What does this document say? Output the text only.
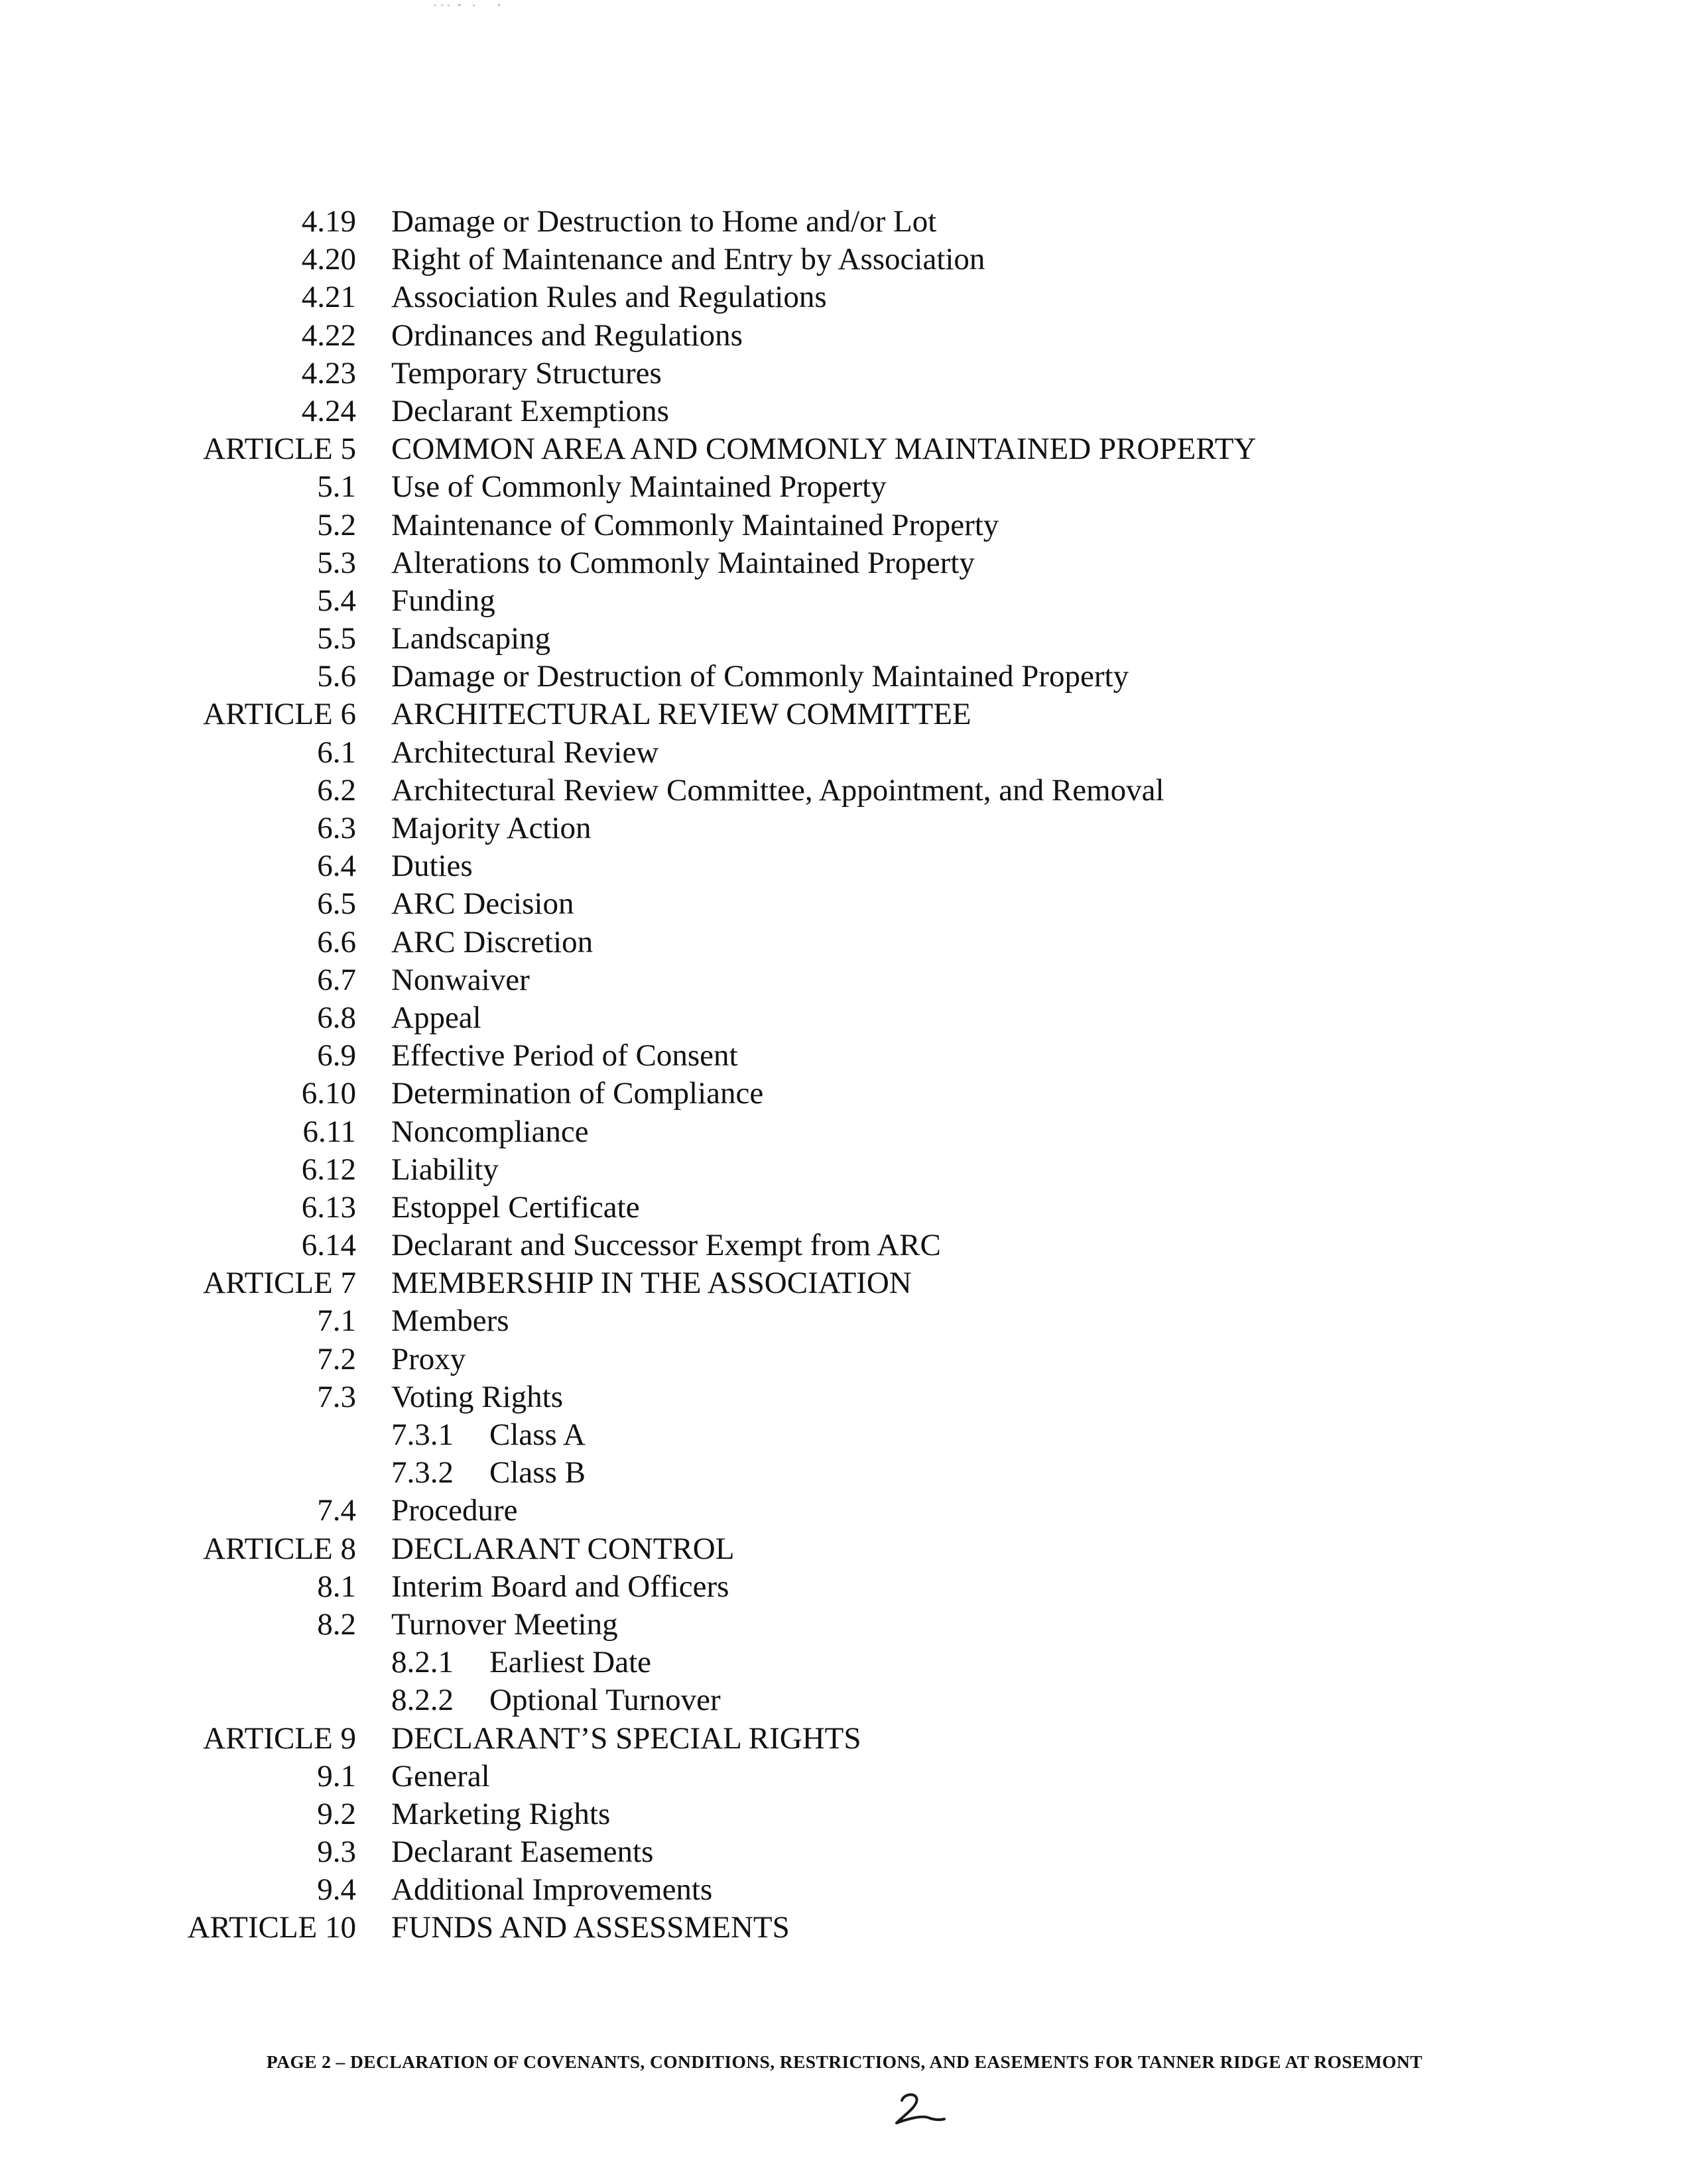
4.19 Damage or Destruction to Home and/or Lot
4.20 Right of Maintenance and Entry by Association
4.21 Association Rules and Regulations
4.22 Ordinances and Regulations
4.23 Temporary Structures
4.24 Declarant Exemptions
ARTICLE 5 COMMON AREA AND COMMONLY MAINTAINED PROPERTY
5.1 Use of Commonly Maintained Property
5.2 Maintenance of Commonly Maintained Property
5.3 Alterations to Commonly Maintained Property
5.4 Funding
5.5 Landscaping
5.6 Damage or Destruction of Commonly Maintained Property
ARTICLE 6 ARCHITECTURAL REVIEW COMMITTEE
6.1 Architectural Review
6.2 Architectural Review Committee, Appointment, and Removal
6.3 Majority Action
6.4 Duties
6.5 ARC Decision
6.6 ARC Discretion
6.7 Nonwaiver
6.8 Appeal
6.9 Effective Period of Consent
6.10 Determination of Compliance
6.11 Noncompliance
6.12 Liability
6.13 Estoppel Certificate
6.14 Declarant and Successor Exempt from ARC
ARTICLE 7 MEMBERSHIP IN THE ASSOCIATION
7.1 Members
7.2 Proxy
7.3 Voting Rights
7.3.1 Class A
7.3.2 Class B
7.4 Procedure
ARTICLE 8 DECLARANT CONTROL
8.1 Interim Board and Officers
8.2 Turnover Meeting
8.2.1 Earliest Date
8.2.2 Optional Turnover
ARTICLE 9 DECLARANT’S SPECIAL RIGHTS
9.1 General
9.2 Marketing Rights
9.3 Declarant Easements
9.4 Additional Improvements
ARTICLE 10 FUNDS AND ASSESSMENTS
PAGE 2 – DECLARATION OF COVENANTS, CONDITIONS, RESTRICTIONS, AND EASEMENTS FOR TANNER RIDGE AT ROSEMONT
